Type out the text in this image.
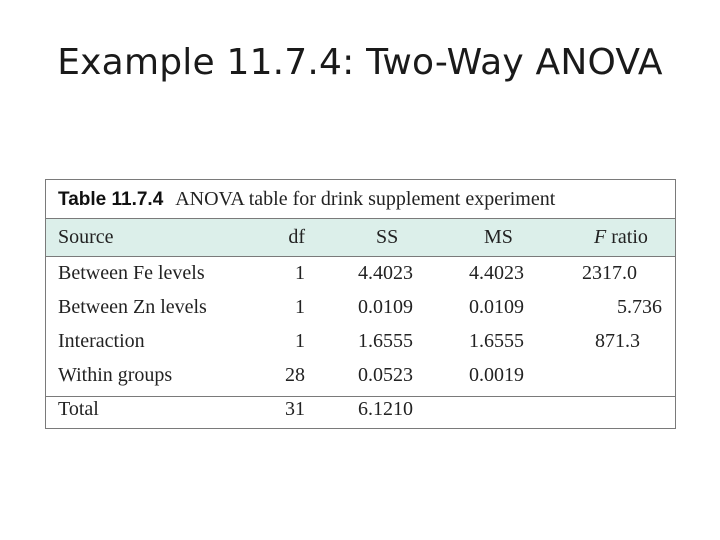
Example 11.7.4: Two-Way ANOVA
Table 11.7.4 ANOVA table for drink supplement experiment
Source	df	SS	MS	F ratio
Between Fe levels	1	4.4023	4.4023	2317.0
Between Zn levels	1	0.0109	0.0109	5.736
Interaction	1	1.6555	1.6555	871.3
Within groups	28	0.0523	0.0019
Total	31	6.1210
